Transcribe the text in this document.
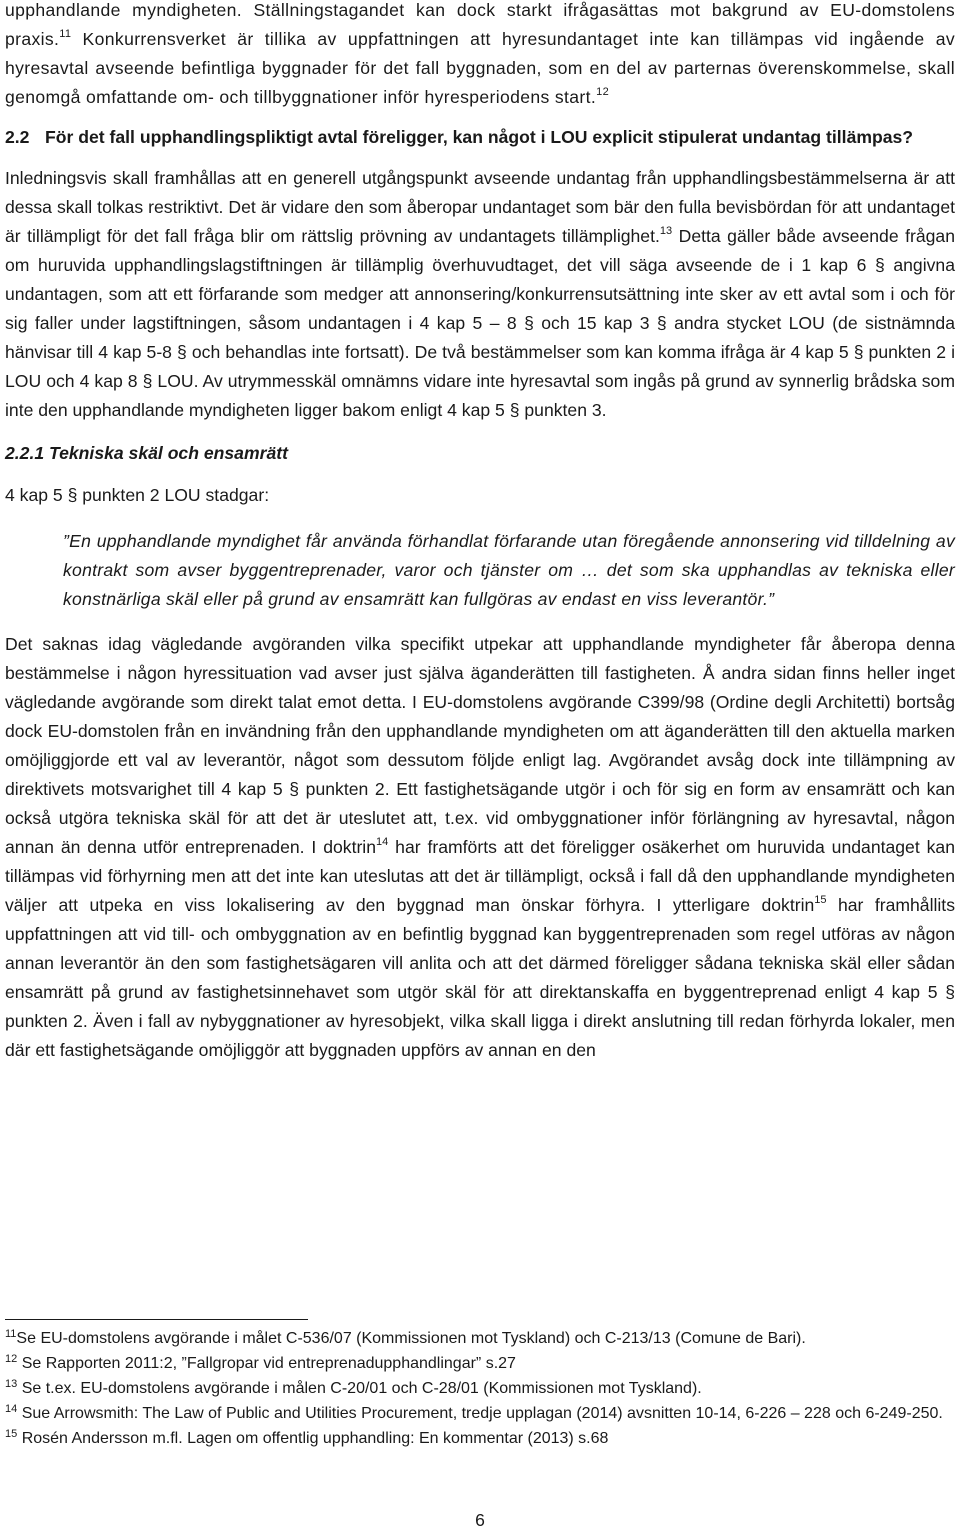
upphandlande myndigheten. Ställningstagandet kan dock starkt ifrågasättas mot bakgrund av EU-domstolens praxis.$^{11}$ Konkurrensverket är tillika av uppfattningen att hyresundantaget inte kan tillämpas vid ingående av hyresavtal avseende befintliga byggnader för det fall byggnaden, som en del av parternas överenskommelse, skall genomgå omfattande om- och tillbyggnationer inför hyresperiodens start.$^{12}$

2.2 För det fall upphandlingspliktigt avtal föreligger, kan något i LOU explicit stipulerat undantag tillämpas?

Inledningsvis skall framhållas att en generell utgångspunkt avseende undantag från upphandlingsbestämmelserna är att dessa skall tolkas restriktivt. Det är vidare den som åberopar undantaget som bär den fulla bevisbördan för att undantaget är tillämpligt för det fall fråga blir om rättslig prövning av undantagets tillämplighet.$^{13}$ Detta gäller både avseende frågan om huruvida upphandlingslagstiftningen är tillämplig överhuvudtaget, det vill säga avseende de i 1 kap 6 § angivna undantagen, som att ett förfarande som medger att annonsering/konkurrensutsättning inte sker av ett avtal som i och för sig faller under lagstiftningen, såsom undantagen i 4 kap 5 – 8 § och 15 kap 3 § andra stycket LOU (de sistnämnda hänvisar till 4 kap 5-8 § och behandlas inte fortsatt). De två bestämmelser som kan komma ifråga är 4 kap 5 § punkten 2 i LOU och 4 kap 8 § LOU. Av utrymmesskäl omnämns vidare inte hyresavtal som ingås på grund av synnerlig brådska som inte den upphandlande myndigheten ligger bakom enligt 4 kap 5 § punkten 3.

2.2.1 Tekniska skäl och ensamrätt

4 kap 5 § punkten 2 LOU stadgar:

”En upphandlande myndighet får använda förhandlat förfarande utan föregående annonsering vid tilldelning av kontrakt som avser byggentreprenader, varor och tjänster om … det som ska upphandlas av tekniska eller konstnärliga skäl eller på grund av ensamrätt kan fullgöras av endast en viss leverantör.”

Det saknas idag vägledande avgöranden vilka specifikt utpekar att upphandlande myndigheter får åberopa denna bestämmelse i någon hyressituation vad avser just själva äganderätten till fastigheten. Å andra sidan finns heller inget vägledande avgörande som direkt talat emot detta. I EU-domstolens avgörande C399/98 (Ordine degli Architetti) bortsåg dock EU-domstolen från en invändning från den upphandlande myndigheten om att äganderätten till den aktuella marken omöjliggjorde ett val av leverantör, något som dessutom följde enligt lag. Avgörandet avsåg dock inte tillämpning av direktivets motsvarighet till 4 kap 5 § punkten 2. Ett fastighetsägande utgör i och för sig en form av ensamrätt och kan också utgöra tekniska skäl för att det är uteslutet att, t.ex. vid ombyggnationer inför förlängning av hyresavtal, någon annan än denna utför entreprenaden. I doktrin$^{14}$ har framförts att det föreligger osäkerhet om huruvida undantaget kan tillämpas vid förhyrning men att det inte kan uteslutas att det är tillämpligt, också i fall då den upphandlande myndigheten väljer att utpeka en viss lokalisering av den byggnad man önskar förhyra. I ytterligare doktrin$^{15}$ har framhållits uppfattningen att vid till- och ombyggnation av en befintlig byggnad kan byggentreprenaden som regel utföras av någon annan leverantör än den som fastighetsägaren vill anlita och att det därmed föreligger sådana tekniska skäl eller sådan ensamrätt på grund av fastighetsinnehavet som utgör skäl för att direktanskaffa en byggentreprenad enligt 4 kap 5 § punkten 2. Även i fall av nybyggnationer av hyresobjekt, vilka skall ligga i direkt anslutning till redan förhyrda lokaler, men där ett fastighetsägande omöjliggör att byggnaden uppförs av annan en den

$^{11}$Se EU-domstolens avgörande i målet C-536/07 (Kommissionen mot Tyskland) och C-213/13 (Comune de Bari).

$^{12}$ Se Rapporten 2011:2, ”Fallgropar vid entreprenadupphandlingar” s.27

$^{13}$ Se t.ex. EU-domstolens avgörande i målen C-20/01 och C-28/01 (Kommissionen mot Tyskland).

$^{14}$ Sue Arrowsmith: The Law of Public and Utilities Procurement, tredje upplagan (2014) avsnitten 10-14, 6-226 – 228 och 6-249-250.

$^{15}$ Rosén Andersson m.fl. Lagen om offentlig upphandling: En kommentar (2013) s.68

6
